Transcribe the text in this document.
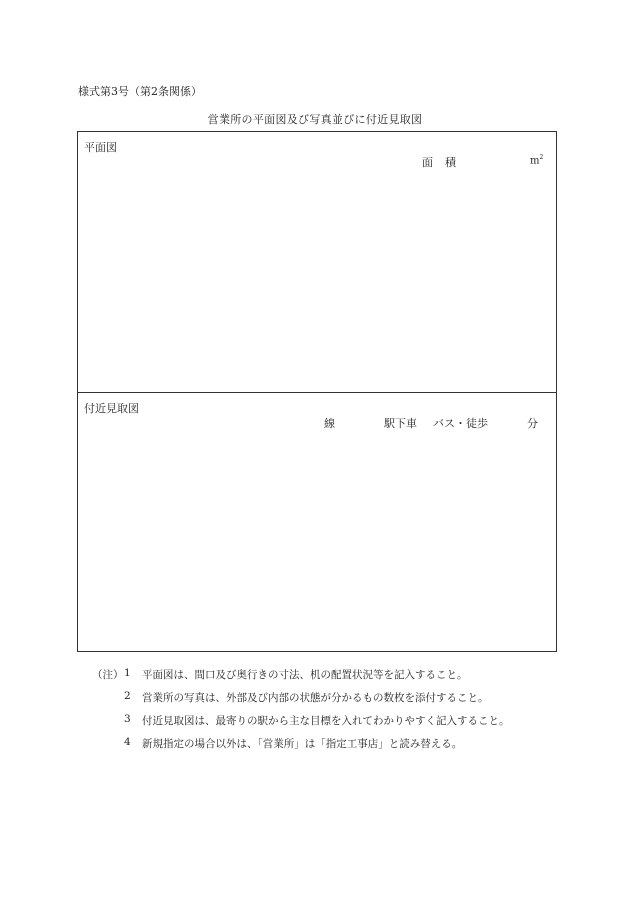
様式第3号（第2条関係）
営業所の平面図及び写真並びに付近見取図
平面図
面積	$m^2$
付近見取図
線	駅下車 バス・徒歩	分
（注） 1 平面図は、間口及び奥行きの寸法、机の配置状況等を記入すること。
2 営業所の写真は、外部及び内部の状態が分かるもの数枚を添付すること。
3 付近見取図は、最寄りの駅から主な目標を入れてわかりやすく記入すること。
4 新規指定の場合以外は、「営業所」は「指定工事店」と読み替える。
